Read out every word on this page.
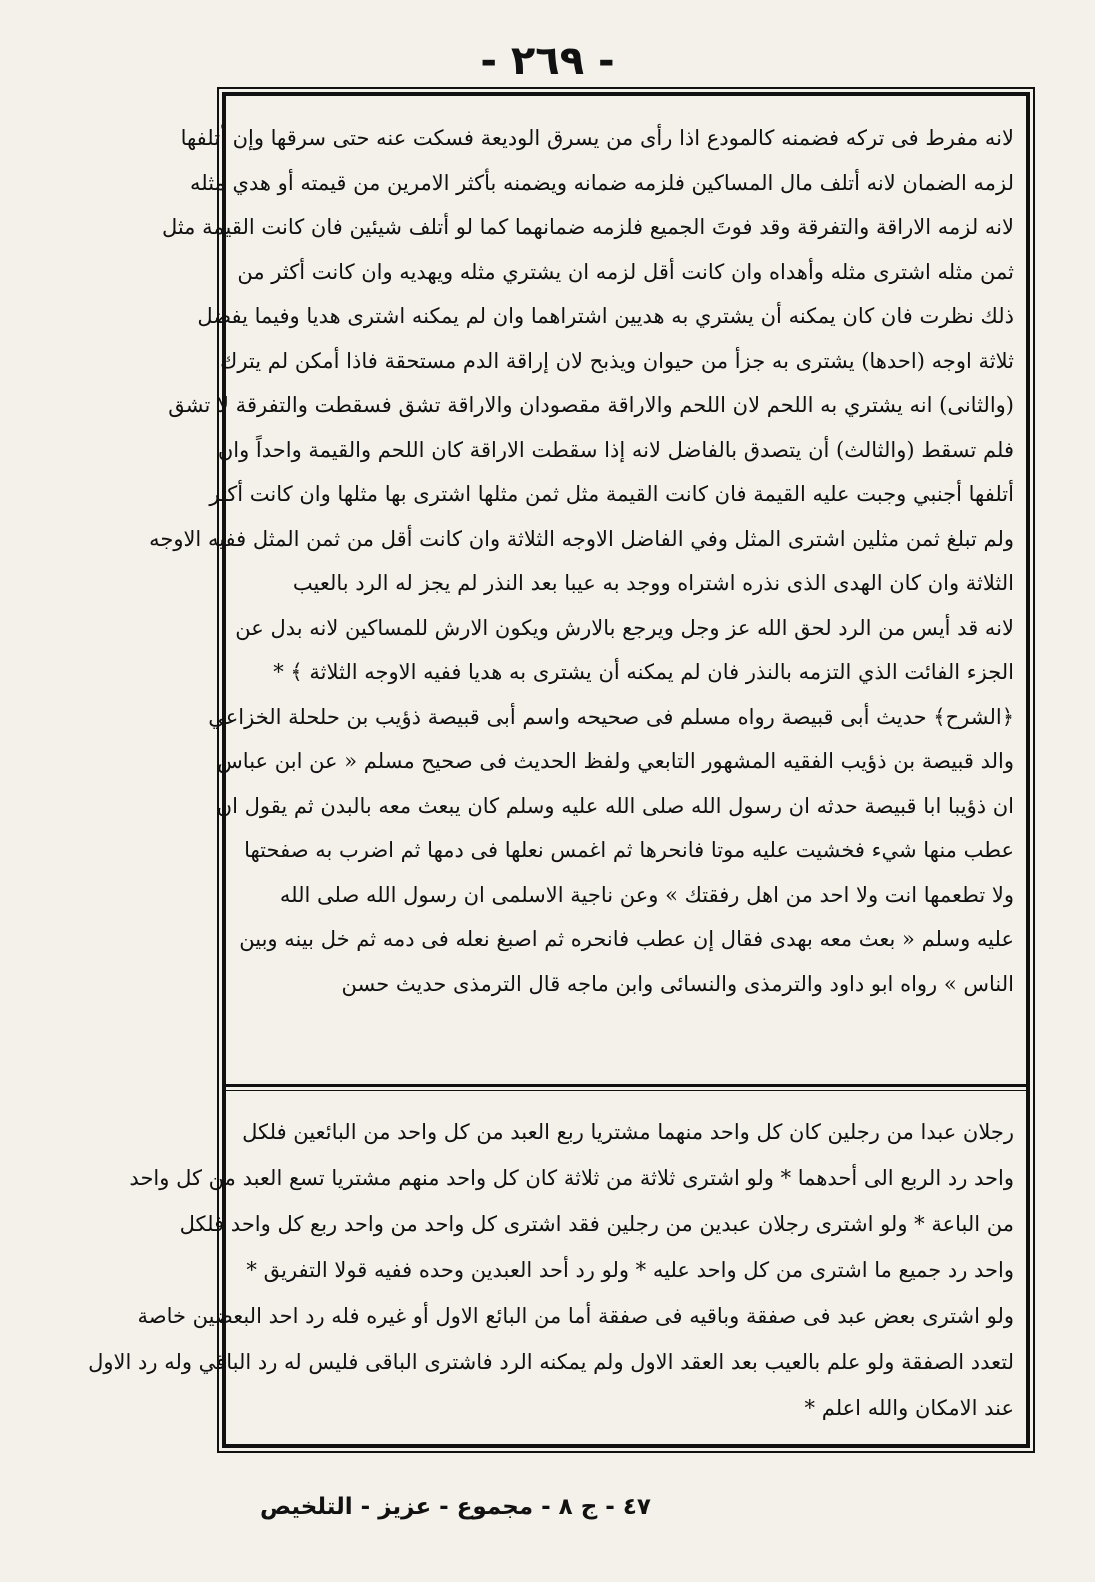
- ٢٦٩ -
لانه مفرط فى تركه فضمنه كالمودع اذا رأى من يسرق الوديعة فسكت عنه حتى سرقها وإن أتلفها
لزمه الضمان لانه أتلف مال المساكين فلزمه ضمانه ويضمنه بأكثر الامرين من قيمته أو هدي مثله
لانه لزمه الاراقة والتفرقة وقد فوتَ الجميع فلزمه ضمانهما كما لو أتلف شيئين فان كانت القيمة مثل
ثمن مثله اشترى مثله وأهداه وان كانت أقل لزمه ان يشتري مثله ويهديه وان كانت أكثر من
ذلك نظرت فان كان يمكنه أن يشتري به هديين اشتراهما وان لم يمكنه اشترى هديا وفيما يفضل
ثلاثة اوجه (احدها) يشترى به جزأ من حيوان ويذبح لان إراقة الدم مستحقة فاذا أمكن لم يترك
(والثانى) انه يشتري به اللحم لان اللحم والاراقة مقصودان والاراقة تشق فسقطت والتفرقة لا تشق
فلم تسقط (والثالث) أن يتصدق بالفاضل لانه إذا سقطت الاراقة كان اللحم والقيمة واحداً وان
أتلفها أجنبي وجبت عليه القيمة فان كانت القيمة مثل ثمن مثلها اشترى بها مثلها وان كانت أكثر
ولم تبلغ ثمن مثلين اشترى المثل وفي الفاضل الاوجه الثلاثة وان كانت أقل من ثمن المثل ففيه الاوجه
الثلاثة وان كان الهدى الذى نذره اشتراه ووجد به عيبا بعد النذر لم يجز له الرد بالعيب
لانه قد أيس من الرد لحق الله عز وجل ويرجع بالارش ويكون الارش للمساكين لانه بدل عن
الجزء الفائت الذي التزمه بالنذر فان لم يمكنه أن يشترى به هديا ففيه الاوجه الثلاثة ﴾ *
﴿الشرح﴾ حديث أبى قبيصة رواه مسلم فى صحيحه واسم أبى قبيصة ذؤيب بن حلحلة الخزاعي
والد قبيصة بن ذؤيب الفقيه المشهور التابعي ولفظ الحديث فى صحيح مسلم « عن ابن عباس
ان ذؤيبا ابا قبيصة حدثه ان رسول الله صلى الله عليه وسلم كان يبعث معه بالبدن ثم يقول ان
عطب منها شيء فخشيت عليه موتا فانحرها ثم اغمس نعلها فى دمها ثم اضرب به صفحتها
ولا تطعمها انت ولا احد من اهل رفقتك » وعن ناجية الاسلمى ان رسول الله صلى الله
عليه وسلم « بعث معه بهدى فقال إن عطب فانحره ثم اصبغ نعله فى دمه ثم خل بينه وبين
الناس » رواه ابو داود والترمذى والنسائى وابن ماجه قال الترمذى حديث حسن
رجلان عبدا من رجلين كان كل واحد منهما مشتريا ربع العبد من كل واحد من البائعين فلكل
واحد رد الربع الى أحدهما * ولو اشترى ثلاثة من ثلاثة كان كل واحد منهم مشتريا تسع العبد من كل واحد
من الباعة * ولو اشترى رجلان عبدين من رجلين فقد اشترى كل واحد من واحد ربع كل واحد فلكل
واحد رد جميع ما اشترى من كل واحد عليه * ولو رد أحد العبدين وحده ففيه قولا التفريق *
ولو اشترى بعض عبد فى صفقة وباقيه فى صفقة أما من البائع الاول أو غيره فله رد احد البعضين خاصة
لتعدد الصفقة ولو علم بالعيب بعد العقد الاول ولم يمكنه الرد فاشترى الباقى فليس له رد الباقي وله رد الاول
عند الامكان والله اعلم *
٤٧ - ج ٨ - مجموع - عزيز - التلخيص
